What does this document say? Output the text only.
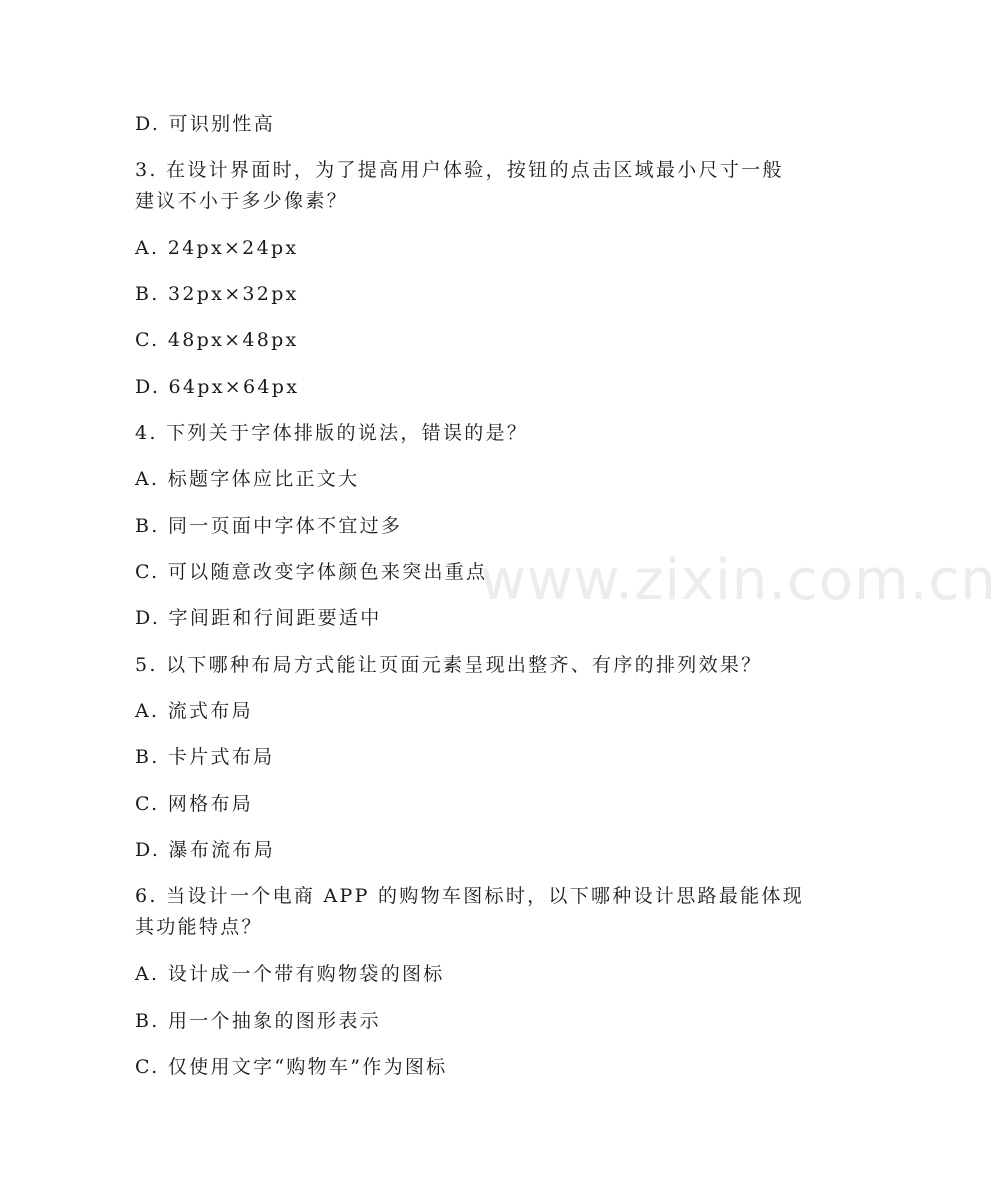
www.zixin.com.cn
D. 可识别性高
3. 在设计界面时，为了提高用户体验，按钮的点击区域最小尺寸一般
建议不小于多少像素？
A. 24px×24px
B. 32px×32px
C. 48px×48px
D. 64px×64px
4. 下列关于字体排版的说法，错误的是？
A. 标题字体应比正文大
B. 同一页面中字体不宜过多
C. 可以随意改变字体颜色来突出重点
D. 字间距和行间距要适中
5. 以下哪种布局方式能让页面元素呈现出整齐、有序的排列效果？
A. 流式布局
B. 卡片式布局
C. 网格布局
D. 瀑布流布局
6. 当设计一个电商 APP 的购物车图标时，以下哪种设计思路最能体现
其功能特点？
A. 设计成一个带有购物袋的图标
B. 用一个抽象的图形表示
C. 仅使用文字“购物车”作为图标
